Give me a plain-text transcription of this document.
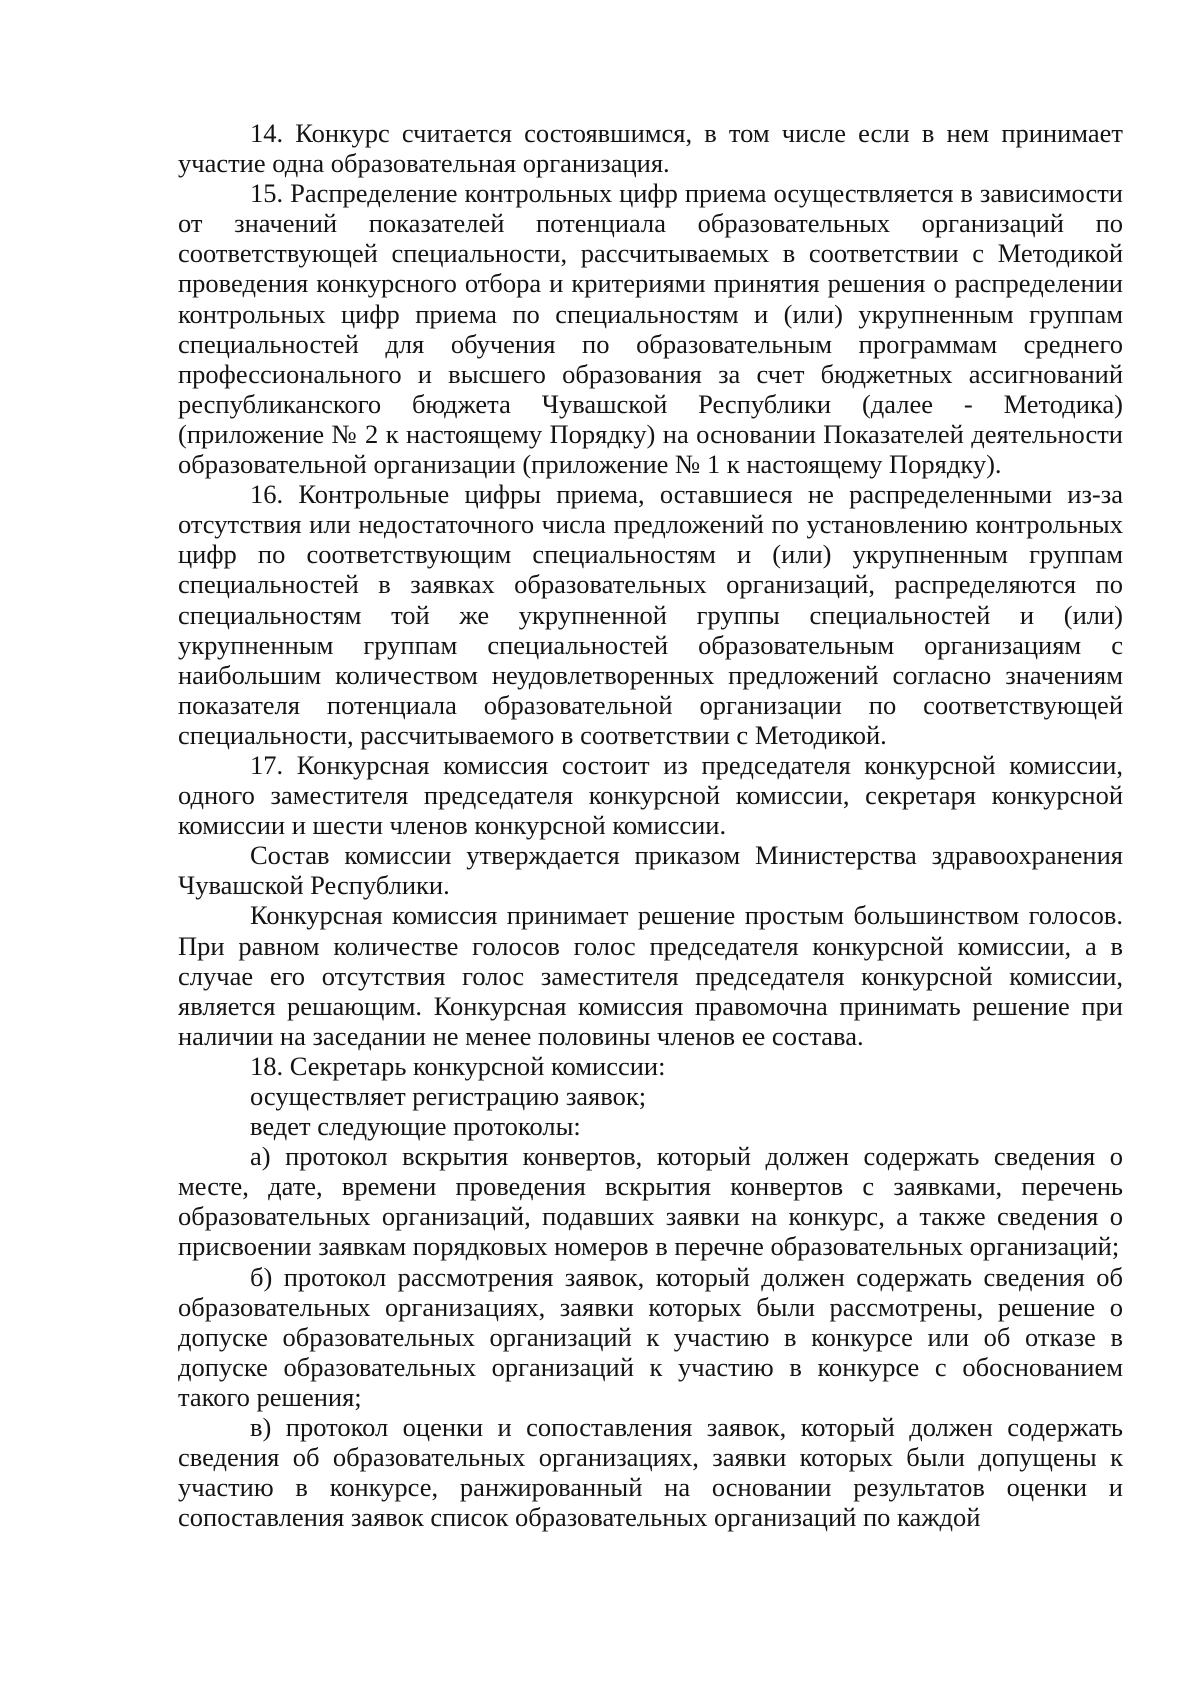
14. Конкурс считается состоявшимся, в том числе если в нем принимает участие одна образовательная организация.

15. Распределение контрольных цифр приема осуществляется в зависимости от значений показателей потенциала образовательных организаций по соответствующей специальности, рассчитываемых в соответствии с Методикой проведения конкурсного отбора и критериями принятия решения о распределении контрольных цифр приема по специальностям и (или) укрупненным группам специальностей для обучения по образовательным программам среднего профессионального и высшего образования за счет бюджетных ассигнований республиканского бюджета Чувашской Республики (далее - Методика) (приложение № 2 к настоящему Порядку) на основании Показателей деятельности образовательной организации (приложение № 1 к настоящему Порядку).

16. Контрольные цифры приема, оставшиеся не распределенными из-за отсутствия или недостаточного числа предложений по установлению контрольных цифр по соответствующим специальностям и (или) укрупненным группам специальностей в заявках образовательных организаций, распределяются по специальностям той же укрупненной группы специальностей и (или) укрупненным группам специальностей образовательным организациям с наибольшим количеством неудовлетворенных предложений согласно значениям показателя потенциала образовательной организации по соответствующей специальности, рассчитываемого в соответствии с Методикой.

17. Конкурсная комиссия состоит из председателя конкурсной комиссии, одного заместителя председателя конкурсной комиссии, секретаря конкурсной комиссии и шести членов конкурсной комиссии.

Состав комиссии утверждается приказом Министерства здравоохранения Чувашской Республики.

Конкурсная комиссия принимает решение простым большинством голосов. При равном количестве голосов голос председателя конкурсной комиссии, а в случае его отсутствия голос заместителя председателя конкурсной комиссии, является решающим. Конкурсная комиссия правомочна принимать решение при наличии на заседании не менее половины членов ее состава.

18. Секретарь конкурсной комиссии:

осуществляет регистрацию заявок;

ведет следующие протоколы:

а) протокол вскрытия конвертов, который должен содержать сведения о месте, дате, времени проведения вскрытия конвертов с заявками, перечень образовательных организаций, подавших заявки на конкурс, а также сведения о присвоении заявкам порядковых номеров в перечне образовательных организаций;

б) протокол рассмотрения заявок, который должен содержать сведения об образовательных организациях, заявки которых были рассмотрены, решение о допуске образовательных организаций к участию в конкурсе или об отказе в допуске образовательных организаций к участию в конкурсе с обоснованием такого решения;

в) протокол оценки и сопоставления заявок, который должен содержать сведения об образовательных организациях, заявки которых были допущены к участию в конкурсе, ранжированный на основании результатов оценки и сопоставления заявок список образовательных организаций по каждой
